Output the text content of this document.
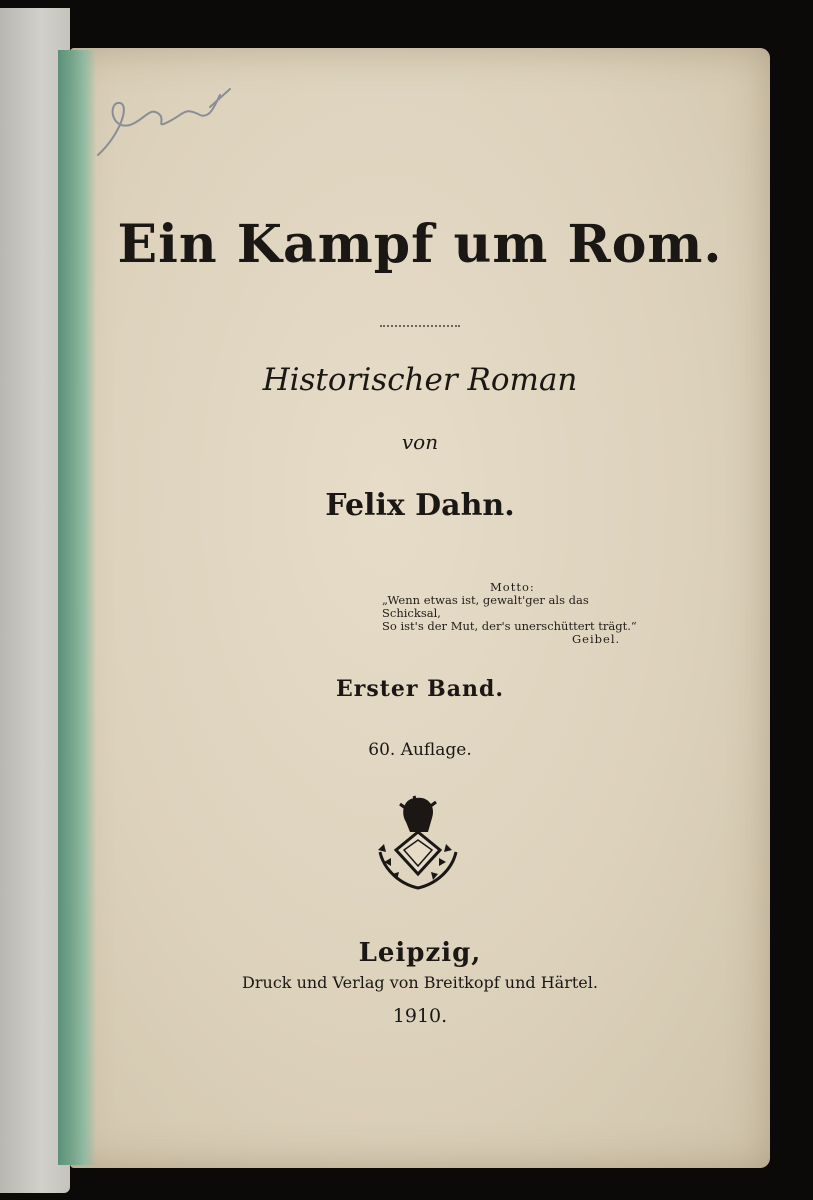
Ein Kampf um Rom.
Historischer Roman
von
Felix Dahn.
Motto:
„Wenn etwas ist, gewalt'ger als das Schicksal,
So ist's der Mut, der's unerschüttert trägt.“
Geibel.
Erster Band.
60. Auflage.
Leipzig,
Druck und Verlag von Breitkopf und Härtel.
1910.
